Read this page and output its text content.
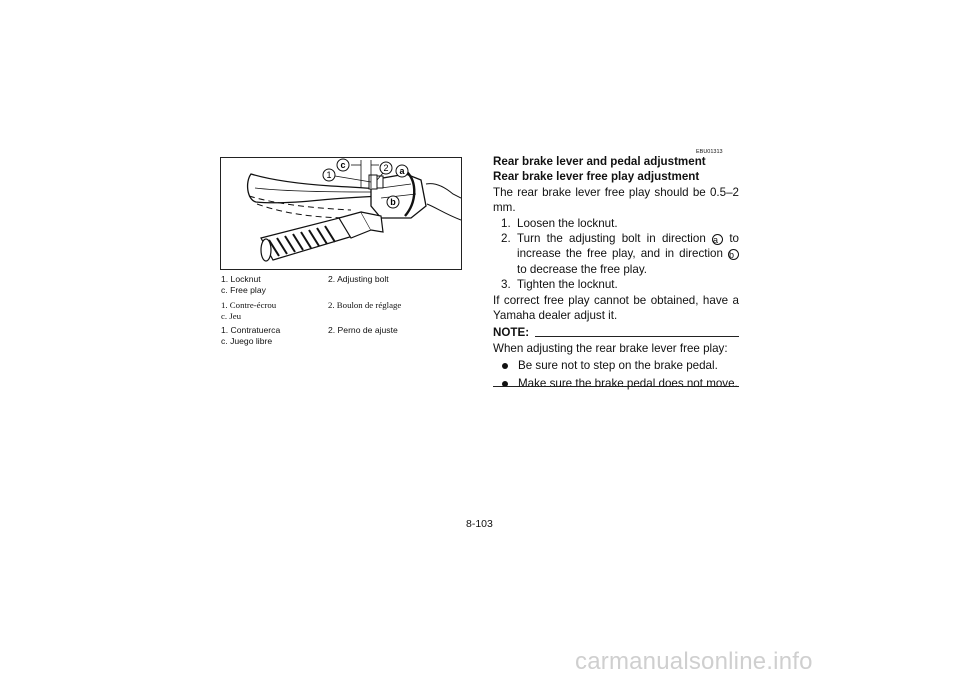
1
c	2 a
b
1. Locknut	2. Adjusting bolt
c. Free play
1. Contre-écrou	2. Boulon de réglage
c. Jeu
1. Contratuerca	2. Perno de ajuste
c. Juego libre
EBU01313

Rear brake lever and pedal adjustment

Rear brake lever free play adjustment

The rear brake lever free play should be 0.5–2 mm.

1. Loosen the locknut.
2. Turn the adjusting bolt in direction a to increase the free play, and in direction b to decrease the free play.
3. Tighten the locknut.

If correct free play cannot be obtained, have a Yamaha dealer adjust it.

NOTE:

When adjusting the rear brake lever free play:

Be sure not to step on the brake pedal.
Make sure the brake pedal does not move.
8-103
carmanualsonline.info
